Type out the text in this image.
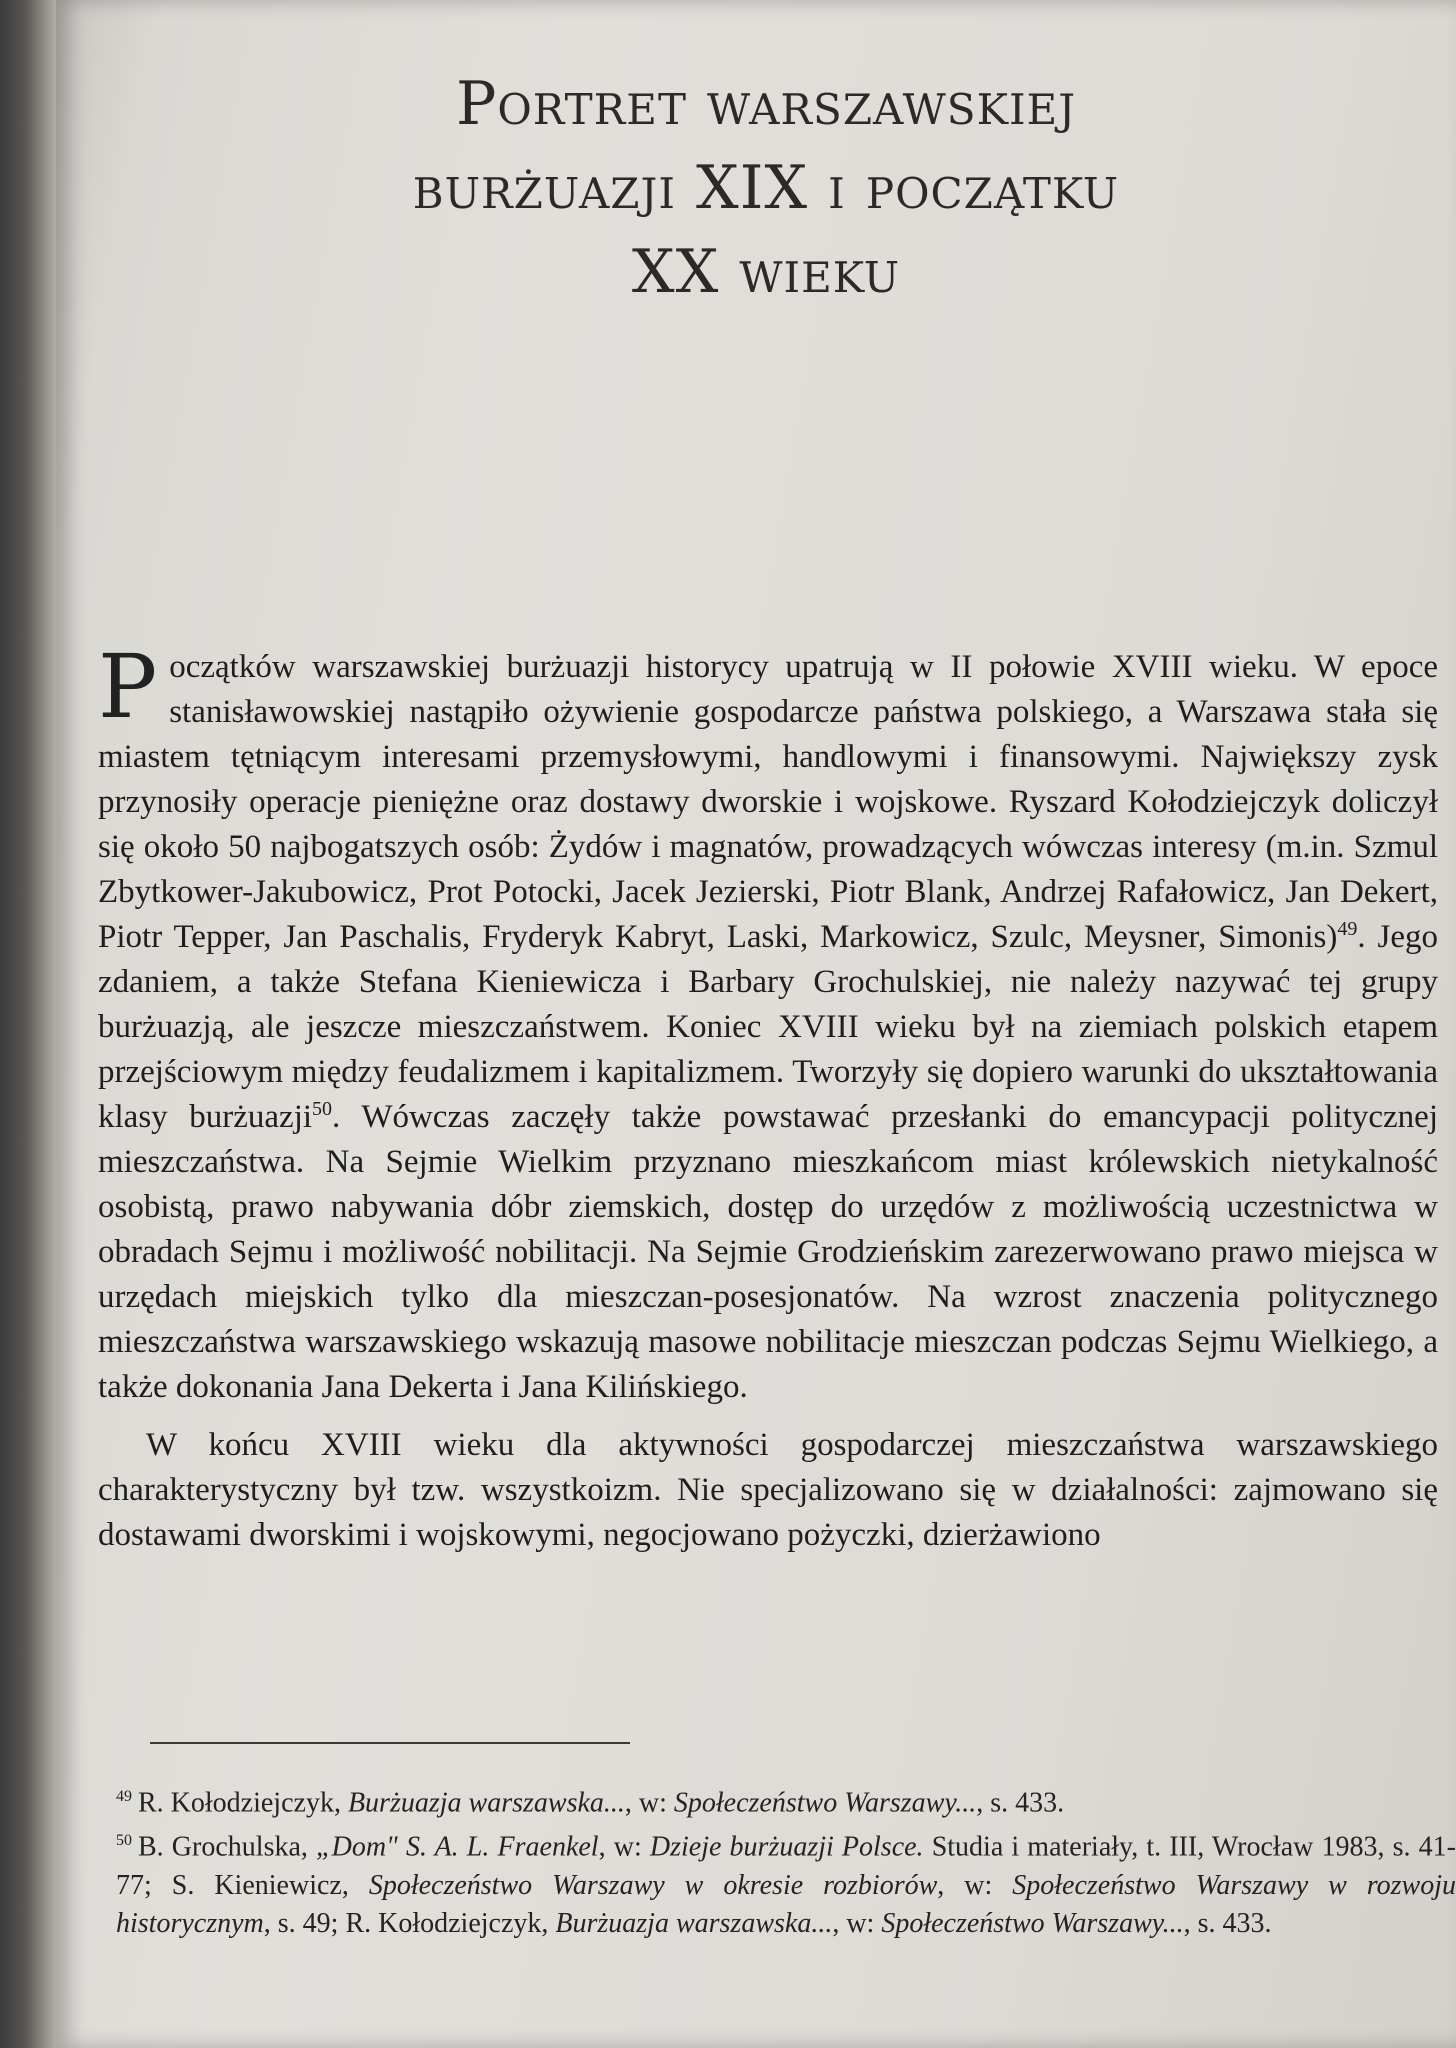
Portret warszawskiej
burżuazji XIX i początku
XX wieku

Początków warszawskiej burżuazji historycy upatrują w II połowie XVIII wieku. W epoce stanisławowskiej nastąpiło ożywienie gospodarcze państwa polskiego, a Warszawa stała się miastem tętniącym interesami przemysłowymi, handlowymi i finansowymi. Największy zysk przynosiły operacje pieniężne oraz dostawy dworskie i wojskowe. Ryszard Kołodziejczyk doliczył się około 50 najbogatszych osób: Żydów i magnatów, prowadzących wówczas interesy (m.in. Szmul Zbytkower-Jakubowicz, Prot Potocki, Jacek Jezierski, Piotr Blank, Andrzej Rafałowicz, Jan Dekert, Piotr Tepper, Jan Paschalis, Fryderyk Kabryt, Laski, Markowicz, Szulc, Meysner, Simonis)$^{49}$. Jego zdaniem, a także Stefana Kieniewicza i Barbary Grochulskiej, nie należy nazywać tej grupy burżuazją, ale jeszcze mieszczaństwem. Koniec XVIII wieku był na ziemiach polskich etapem przejściowym między feudalizmem i kapitalizmem. Tworzyły się dopiero warunki do ukształtowania klasy burżuazji$^{50}$. Wówczas zaczęły także powstawać przesłanki do emancypacji politycznej mieszczaństwa. Na Sejmie Wielkim przyznano mieszkańcom miast królewskich nietykalność osobistą, prawo nabywania dóbr ziemskich, dostęp do urzędów z możliwością uczestnictwa w obradach Sejmu i możliwość nobilitacji. Na Sejmie Grodzieńskim zarezerwowano prawo miejsca w urzędach miejskich tylko dla mieszczan-posesjonatów. Na wzrost znaczenia politycznego mieszczaństwa warszawskiego wskazują masowe nobilitacje mieszczan podczas Sejmu Wielkiego, a także dokonania Jana Dekerta i Jana Kilińskiego.

W końcu XVIII wieku dla aktywności gospodarczej mieszczaństwa warszawskiego charakterystyczny był tzw. wszystkoizm. Nie specjalizowano się w działalności: zajmowano się dostawami dworskimi i wojskowymi, negocjowano pożyczki, dzierżawiono

$^{49}$ R. Kołodziejczyk, Burżuazja warszawska..., w: Społeczeństwo Warszawy..., s. 433.

$^{50}$ B. Grochulska, „Dom" S. A. L. Fraenkel, w: Dzieje burżuazji Polsce. Studia i materiały, t. III, Wrocław 1983, s. 41-77; S. Kieniewicz, Społeczeństwo Warszawy w okresie rozbiorów, w: Społeczeństwo Warszawy w rozwoju historycznym, s. 49; R. Kołodziejczyk, Burżuazja warszawska..., w: Społeczeństwo Warszawy..., s. 433.
